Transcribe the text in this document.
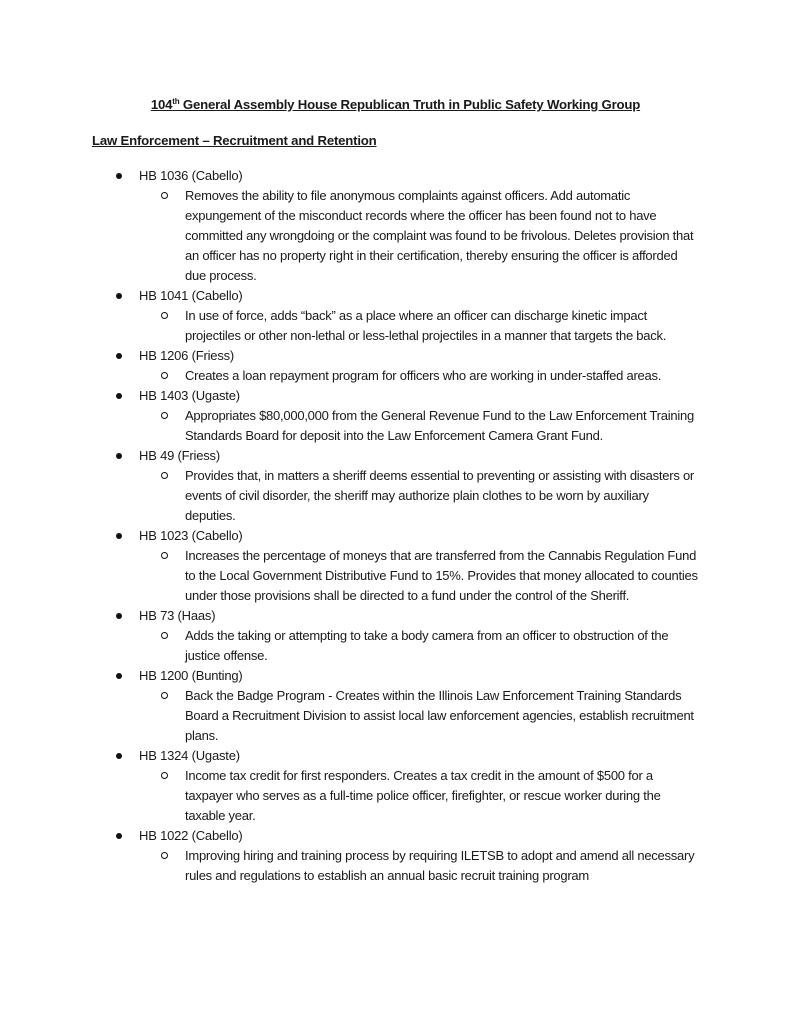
104th General Assembly House Republican Truth in Public Safety Working Group
Law Enforcement – Recruitment and Retention
HB 1036 (Cabello)
Removes the ability to file anonymous complaints against officers. Add automatic expungement of the misconduct records where the officer has been found not to have committed any wrongdoing or the complaint was found to be frivolous. Deletes provision that an officer has no property right in their certification, thereby ensuring the officer is afforded due process.
HB 1041 (Cabello)
In use of force, adds “back” as a place where an officer can discharge kinetic impact projectiles or other non-lethal or less-lethal projectiles in a manner that targets the back.
HB 1206 (Friess)
Creates a loan repayment program for officers who are working in under-staffed areas.
HB 1403 (Ugaste)
Appropriates $80,000,000 from the General Revenue Fund to the Law Enforcement Training Standards Board for deposit into the Law Enforcement Camera Grant Fund.
HB 49 (Friess)
Provides that, in matters a sheriff deems essential to preventing or assisting with disasters or events of civil disorder, the sheriff may authorize plain clothes to be worn by auxiliary deputies.
HB 1023 (Cabello)
Increases the percentage of moneys that are transferred from the Cannabis Regulation Fund to the Local Government Distributive Fund to 15%. Provides that money allocated to counties under those provisions shall be directed to a fund under the control of the Sheriff.
HB 73 (Haas)
Adds the taking or attempting to take a body camera from an officer to obstruction of the justice offense.
HB 1200 (Bunting)
Back the Badge Program - Creates within the Illinois Law Enforcement Training Standards Board a Recruitment Division to assist local law enforcement agencies, establish recruitment plans.
HB 1324 (Ugaste)
Income tax credit for first responders. Creates a tax credit in the amount of $500 for a taxpayer who serves as a full-time police officer, firefighter, or rescue worker during the taxable year.
HB 1022 (Cabello)
Improving hiring and training process by requiring ILETSB to adopt and amend all necessary rules and regulations to establish an annual basic recruit training program
